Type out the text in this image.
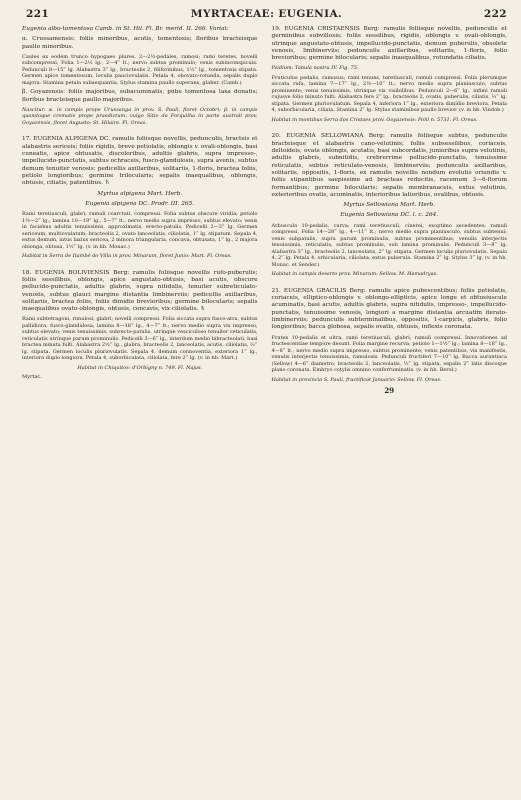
221	MYRTACEAE: EUGENIA.	222

Eugenia albo-tomentosa Camb. in St. Hil. Fl. Br. merid. II. 266. Variat:

α. Crussamensis: foliis minoribus, acutis, tomentosis; floribus bracteisque paullo minoribus.

Caules ex eodem trunco hypogaeo plures, 2—2½-pedales, ramosi; rami teretes, novelli subcompressi. Folia 1—2½ lg., 2—4‴ lt.; nervo subtus prominulo; venis subinconspicuis. Pedunculi 8—15‴ lg. Alabastra 3‴ lg., bracteolis 2, filiformibus, 1½‴ lg., tomentosis stipata. Germen apice tomentosum, loculis pauciovulatis. Petala 4, obovato-rotunda, sepalis duplo majora. Stamina petala subaequantia. Stylus stamina paullo superans, glaber. (Camb.)

β. Goyazensis: foliis majoribus, subacuminatis, pube tomentosa laxa donatis; floribus bracteisque paullo majoribus.

Nascitur: α. in campis prope Urussanga in prov. S. Pauli, floret Octobri; β. in campis quandoque crematis prope praedictum, vulgo Sitio da Forquilha in parte australi prov. Goyazensis, floret Augusto: St. Hilaire. Fl. Oreas.

17. EUGENIA ALPIGENA DC. ramulis foliisque novellis, pedunculis, bracteis et alabastris sericeis; foliis rigidis, breve petiolatis, oblongis v. ovali-oblongis, basi cuneatis, apice obtusatis, discoloribus, adultis glabris, supra impresso-, impellucido-punctatis, subtus ochraceis, fusco-glandulosis, supra avenis, subtus demum tenuiter venosis; pedicellis axillaribus, solitariis, 1-floris, bractea foliis, petiolo longioribus; germine trilocularis; sepalis inaequalibus, oblongis, obtusis, ciliatis, patentibus. ♄

Myrtus alpigena Mart. Herb.

Eugenia alpigena DC. Prodr. III. 265.

Rami teretiusculi, glabri; ramuli coarctati, compressi. Folia subtus obscure viridia; petiolo 1½—2‴ lg.; lamina 10—19‴ lg., 5—7‴ lt.; nervo medio supra impresso, subtus elevato; venis in faciebus adultis tenuissimis, approximatis, erecto-patulis. Pedicelli 2—3‴ lg. Germen sericeum, multiovulatum; bracteolis 2, ovato lanceolatis, ciliolatis, 1‴ lg. stipatum. Sepala 4, extus demum, intus laxius sericea, 2 minora triangularia, concava, obtusata, 1‴ lg., 2 majora oblonga, obtusa, 1½‴ lg. (v. in hb. Monac.)

Habitat in Serra de Itambé do Villa in prov. Minarum, floret Junio: Mart. Fl. Oreas.

18. EUGENIA BOLIVIENSIS Berg: ramulis foliisque novellis rufo-puberulis; foliis sessilibus, oblongis, apice angustato-obtusis, basi acutis, obscure pellucido-punctatis, adultis glabris, supra nitidulis, tenuiter subreticulato-venosis, subtus glauci margine distantia limbinerviis; pedicellis axillaribus, solitariis, bractea foliis, foliis dimidio brevioribus; germine bilocularis; sepalis inaequalibus ovato-oblongis, obtusis, concavis, vix ciliolatis. ♄

Rami subtetragoni, rimulosi, glabri; novelli compressi. Folia siccata supra fusco-atra, subtus pallidiora, fusco-glandulosa; lamina 8—18‴ lg., 4—7‴ lt.; nervo medio supra vix impresso, subtus elevato; venis tenuissimis, subrecto-patulis, utrinque vesciculoso tenuiter reticulatis, reticulatis utrinque parum prominulis. Pedicelli 3—6‴ lg., interdum medio bibracteolati, basi bractea minuta fulti. Alabastra 2½‴ lg., glabra, bracteolis 2, lanceolatis, acutis, ciliolatis, ⅓‴ lg. stipata. Germen loculis pluriovulatis. Sepala 4, demum connoventia, exteriora 1‴ lg., interiora duplo longiora. Petala 4, suborbiculata, ciliolata, fere 2‴ lg. (v. in hb. Mart.)

Habitat in Chiquitos: d'Orbigny n. 749. Fl. Najas.

Myrtac.

19. EUGENIA CRISTAENSIS Berg: ramulis foliisque novellis, pedunculis et germinibus subvillosis; foliis sessilibus, rigidis, oblongis v. ovali-oblongis, utrinque angustato-obtusis, impellucido-punctatis, demum puberulis, obsolete venosis, limbinerviis; pedunculis axillaribus, solitariis, 1-floris, folio brevioribus; germine bilocularis; sepalis inaequalibus, rotundatis ciliatis.

Psidium: Tabula nostra IV. Fig. 75.

Fruticulus pedalis, ramosus; rami tenues, teretiusculi, ramuli compressi. Folia plerumque siccata rufa, lamina 7—17‴ lg., 2½—10‴ lt.; nervo medio supra planiusculo, subtus prominente; venis tenuissimis, utrinque vix visibilibus. Pedunculi 2—6‴ lg., infimi ramuli cujusve folio minuto fulti. Alabastra fere 2‴ lg., bracteolis 2, ovatis, puberulis, ciliatis, ⅓‴ lg. stipata. Germen pluriovulatum. Sepala 4, inferiora 1‴ lg., exteriora dimidio breviora. Petala 4, suborbicularia, ciliata. Stamina 2‴ lg. Stylus staminibus paullo brevior. (v. in hb. Vindob.)

Habitat in montibus Serra dos Cristaes prov. Goyazensis: Pohl n. 5731. Fl. Oreas.

20. EUGENIA SELLOWIANA Berg: ramulis foliisque subtus, pedunculis bracteisque et alabastris cano-velutinis; foliis subsessilibus, coriaceis, deltoideis, ovate oblongis, acutatis, basi subcordatis, junioribus supra velutinis, adultis glabris, subnitidis, crebrerrime pellucido-punctatis, tenuissime reticulatis, subtus reticulato-venosis, limbinerviis; pedunculis axillaribus, solitariis, oppositis, 1-floris, ex ramulis novellis nondum evolutis oriundis v. foliis stipantibus saepissime ad bracteas reducitis, racemum 3—6-florum formantibus; germine bilocularis; sepalis membranaceis, extus velutinis, exterioribus ovatis, acuminatis, interioribus latioribus, ovalibus, obtusis.

Myrtus Sellowiana Mart. Herb.

Eugenia Sellowiana DC. l. c. 264.

Arbuscula 10-pedalis, curva; rami teretiusculi, cinerei, exoptimo secedentes; ramuli compressi. Folia 14—28‴ lg., 4—11‴ lt.; nervo medio supra planiusculo, subtus subtenui; venis subpatulis, supra parum prominulis, subtus prominentibus; venulis interjectis tenuissimis, reticulatis, subtus prominulis, sub lamina prominulis. Pedunculi 3—8‴ lg. Alabastra 3‴ lg., bracteolis 2, lanceolatis, 2‴ lg. stipata. Germen loculis pluriovulatis. Sepala 4, 2‴ lg. Petala 4, orbicularia, ciliolata, extus puberula. Stamina 2‴ lg. Stylus 3‴ lg. (v. in hb. Monac. et Sender.)

Habitat in campis deserto prov. Minarum: Sellow. M. Hamadryas.

21. EUGENIA GRACILIS Berg: ramulis apice pubescentibus; foliis petiolatis, coriaceis, elliptico-oblongis v. oblongo-ellipticis, apice longe et obtusiuscule acuminatis, basi acutis, adultis glabris, supra nitidulis, impresso-, impellucido-punctatis, tenuissime venosis, longiori a margine distantia arcuatim iterato-limbinerviis; pedunculis subterminalibus, oppositis, 1-carpicis, glabris, folio longioribus; bacca globosa, sepalis ovatis, obtusis, inflexis coronata.

Frutex 10-pedalis et ultra, rami teretiusculi, glabri; ramuli compressi. Innovationes ad fructescentiae tempore desunt. Folia margine recurva; petiolo 1—1½‴ lg.; lamina 8—18‴ lg., 4—8‴ lt.; nervo medio supra impresso, subtus prominente; venis patentibus, vix manifestis, venulis interjectis tenuissimis, ramulosis. Pedunculi fructiferi 7—10‴ lg. Bacca aurantiaca (Sellow) 4—6‴ diametro, bracteolis 2, lanceolatis, ⅓‴ lg. stipata, sepalis 2‴ latis discoque plano coronata. Embryo cotylis omnino conferruminatis. (v. in hb. Berol.)

Habitat in provincia S. Pauli, fructificat Januario: Sellow. Fl. Oreas.

29
